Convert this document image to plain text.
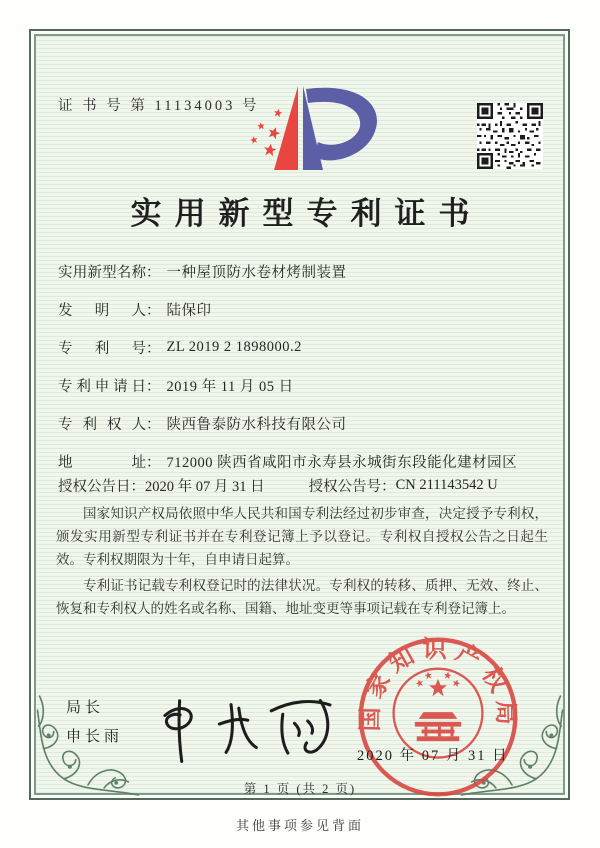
证 书 号 第 11134003 号
实用新型专利证书
实用新型名称 ： 一种屋顶防水卷材烤制装置
发明人 ： 陆保印
专利号 ： ZL 2019 2 1898000.2
专利申请日 ： 2019 年 11 月 05 日
专利权人 ： 陕西鲁泰防水科技有限公司
地址 ： 712000 陕西省咸阳市永寿县永城街东段能化建材园区
授权公告日： 2020 年 07 月 31 日	授权公告号： CN 211143542 U

国家知识产权局依照中华人民共和国专利法经过初步审查，决定授予专利权，颁发实用新型专利证书并在专利登记簿上予以登记。专利权自授权公告之日起生效。专利权期限为十年，自申请日起算。

专利证书记载专利权登记时的法律状况。专利权的转移、质押、无效、终止、恢复和专利权人的姓名或名称、国籍、地址变更等事项记载在专利登记簿上。

局长
申长雨
国家知识产权局
2020 年 07 月 31 日
第 1 页 (共 2 页)
其他事项参见背面
